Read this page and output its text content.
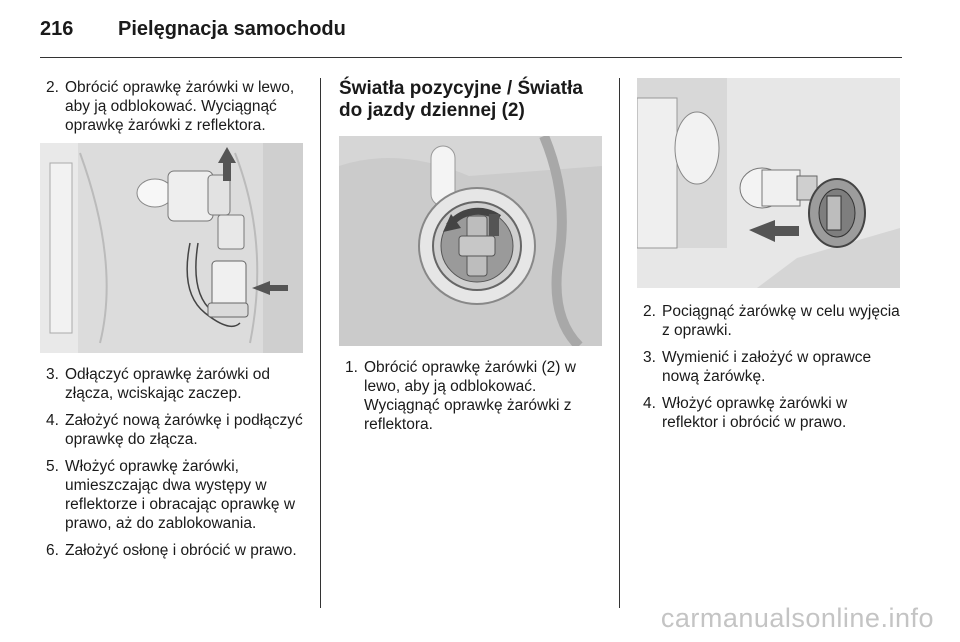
216 Pielęgnacja samochodu
2. Obrócić oprawkę żarówki w lewo, aby ją odblokować. Wyciągnąć oprawkę żarówki z reflektora.
3. Odłączyć oprawkę żarówki od złącza, wciskając zaczep.
4. Założyć nową żarówkę i podłączyć oprawkę do złącza.
5. Włożyć oprawkę żarówki, umieszczając dwa występy w reflektorze i obracając oprawkę w prawo, aż do zablokowania.
6. Założyć osłonę i obrócić w prawo.
Światła pozycyjne / Światła do jazdy dziennej (2)
1. Obrócić oprawkę żarówki (2) w lewo, aby ją odblokować. Wyciągnąć oprawkę żarówki z reflektora.
2. Pociągnąć żarówkę w celu wyjęcia z oprawki.
3. Wymienić i założyć w oprawce nową żarówkę.
4. Włożyć oprawkę żarówki w reflektor i obrócić w prawo.
carmanualsonline.info
